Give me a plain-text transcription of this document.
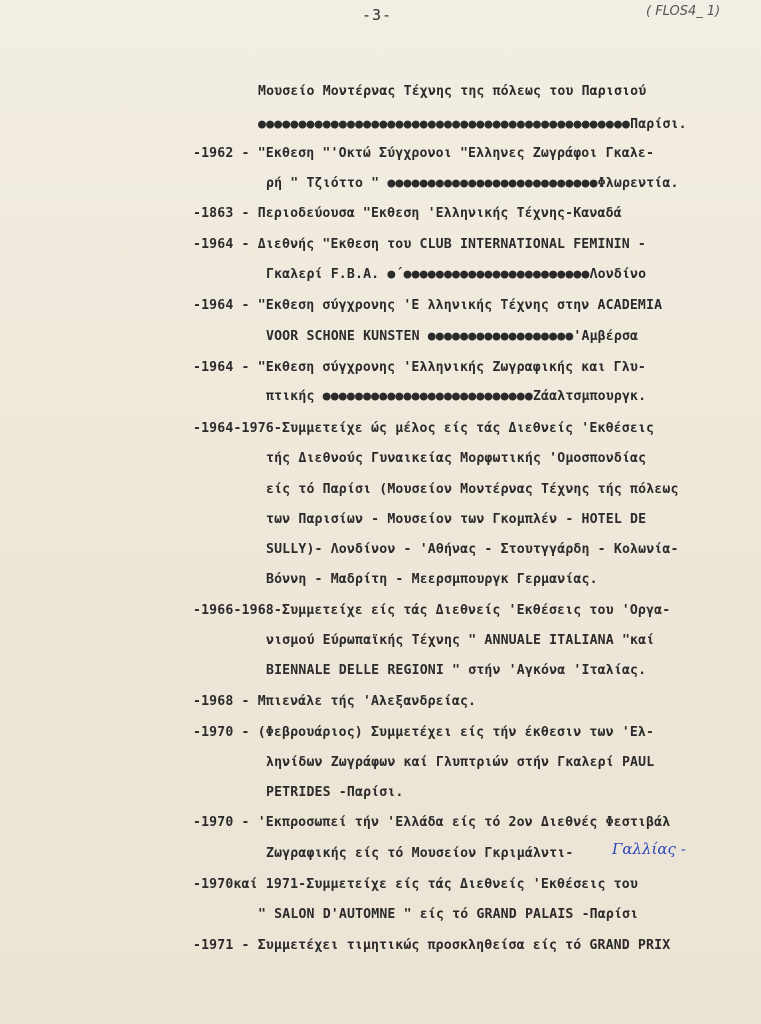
-3-	( FLOS4_ 1)
Μουσείο Μοντέρνας Τέχνης της πόλεως του Παρισιού
●●●●●●●●●●●●●●●●●●●●●●●●●●●●●●●●●●●●●●●●●●●●●●Παρίσι.
-1962 - "Εκθεση "'Οκτώ Σύγχρονοι "Ελληνες Ζωγράφοι Γκαλε-
ρή " Τζιόττο " ●●●●●●●●●●●●●●●●●●●●●●●●●●Φλωρεντία.
-1863 - Περιοδεύουσα "Εκθεση 'Ελληνικής Τέχνης-Καναδά
-1964 - Διεθνής "Εκθεση του CLUB INTERNATIONAL FEMININ -
Γκαλερί F.B.A. ●´●●●●●●●●●●●●●●●●●●●●●●●Λονδίνο
-1964 - "Εκθεση σύγχρονης 'Ε λληνικής Τέχνης στην ACADEMIA
VOOR SCHONE KUNSTEN ●●●●●●●●●●●●●●●●●●'Αμβέρσα
-1964 - "Εκθεση σύγχρονης 'Ελληνικής Ζωγραφικής και Γλυ-
πτικής ●●●●●●●●●●●●●●●●●●●●●●●●●●Ζάαλτσμπουργκ.
-1964-1976-Συμμετείχε ώς μέλος είς τάς Διεθνείς 'Εκθέσεις
τής Διεθνούς Γυναικείας Μορφωτικής 'Ομοσπονδίας
είς τό Παρίσι (Μουσείον Μοντέρνας Τέχνης τής πόλεως
των Παρισίων - Μουσείον των Γκομπλέν - HOTEL DE
SULLY)- Λονδίνον - 'Αθήνας - Στουτγγάρδη - Κολωνία-
Βόννη - Μαδρίτη - Μεερσμπουργκ Γερμανίας.
-1966-1968-Συμμετείχε είς τάς Διεθνείς 'Εκθέσεις του 'Οργα-
νισμού Εύρωπαϊκής Τέχνης " ANNUALE ITALIANA "καί
BIENNALE DELLE REGIONI " στήν 'Αγκόνα 'Ιταλίας.
-1968 - Μπιενάλε τής 'Αλεξανδρείας.
-1970 - (Φεβρουάριος) Συμμετέχει είς τήν έκθεσιν των 'Ελ-
ληνίδων Ζωγράφων καί Γλυπτριών στήν Γκαλερί PAUL
PETRIDES -Παρίσι.
-1970 - 'Εκπροσωπεί τήν 'Ελλάδα είς τό 2ον Διεθνές Φεστιβάλ
Ζωγραφικής είς τό Μουσείον Γκριμάλντι-
-1970καί 1971-Συμμετείχε είς τάς Διεθνείς 'Εκθέσεις του
" SALON D'AUTOMNE " είς τό GRAND PALAIS -Παρίσι
-1971 - Συμμετέχει τιμητικώς προσκληθείσα είς τό GRAND PRIX
Γαλλίας -
